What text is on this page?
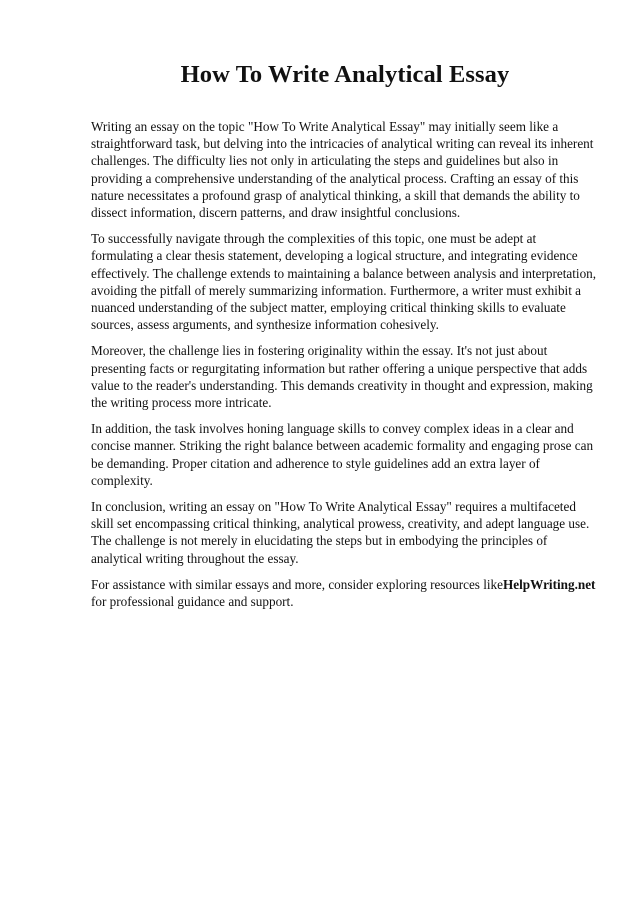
How To Write Analytical Essay

Writing an essay on the topic "How To Write Analytical Essay" may initially seem like a straightforward task, but delving into the intricacies of analytical writing can reveal its inherent challenges. The difficulty lies not only in articulating the steps and guidelines but also in providing a comprehensive understanding of the analytical process. Crafting an essay of this nature necessitates a profound grasp of analytical thinking, a skill that demands the ability to dissect information, discern patterns, and draw insightful conclusions.

To successfully navigate through the complexities of this topic, one must be adept at formulating a clear thesis statement, developing a logical structure, and integrating evidence effectively. The challenge extends to maintaining a balance between analysis and interpretation, avoiding the pitfall of merely summarizing information. Furthermore, a writer must exhibit a nuanced understanding of the subject matter, employing critical thinking skills to evaluate sources, assess arguments, and synthesize information cohesively.

Moreover, the challenge lies in fostering originality within the essay. It's not just about presenting facts or regurgitating information but rather offering a unique perspective that adds value to the reader's understanding. This demands creativity in thought and expression, making the writing process more intricate.

In addition, the task involves honing language skills to convey complex ideas in a clear and concise manner. Striking the right balance between academic formality and engaging prose can be demanding. Proper citation and adherence to style guidelines add an extra layer of complexity.

In conclusion, writing an essay on "How To Write Analytical Essay" requires a multifaceted skill set encompassing critical thinking, analytical prowess, creativity, and adept language use. The challenge is not merely in elucidating the steps but in embodying the principles of analytical writing throughout the essay.

For assistance with similar essays and more, consider exploring resources likeHelpWriting.net for professional guidance and support.
